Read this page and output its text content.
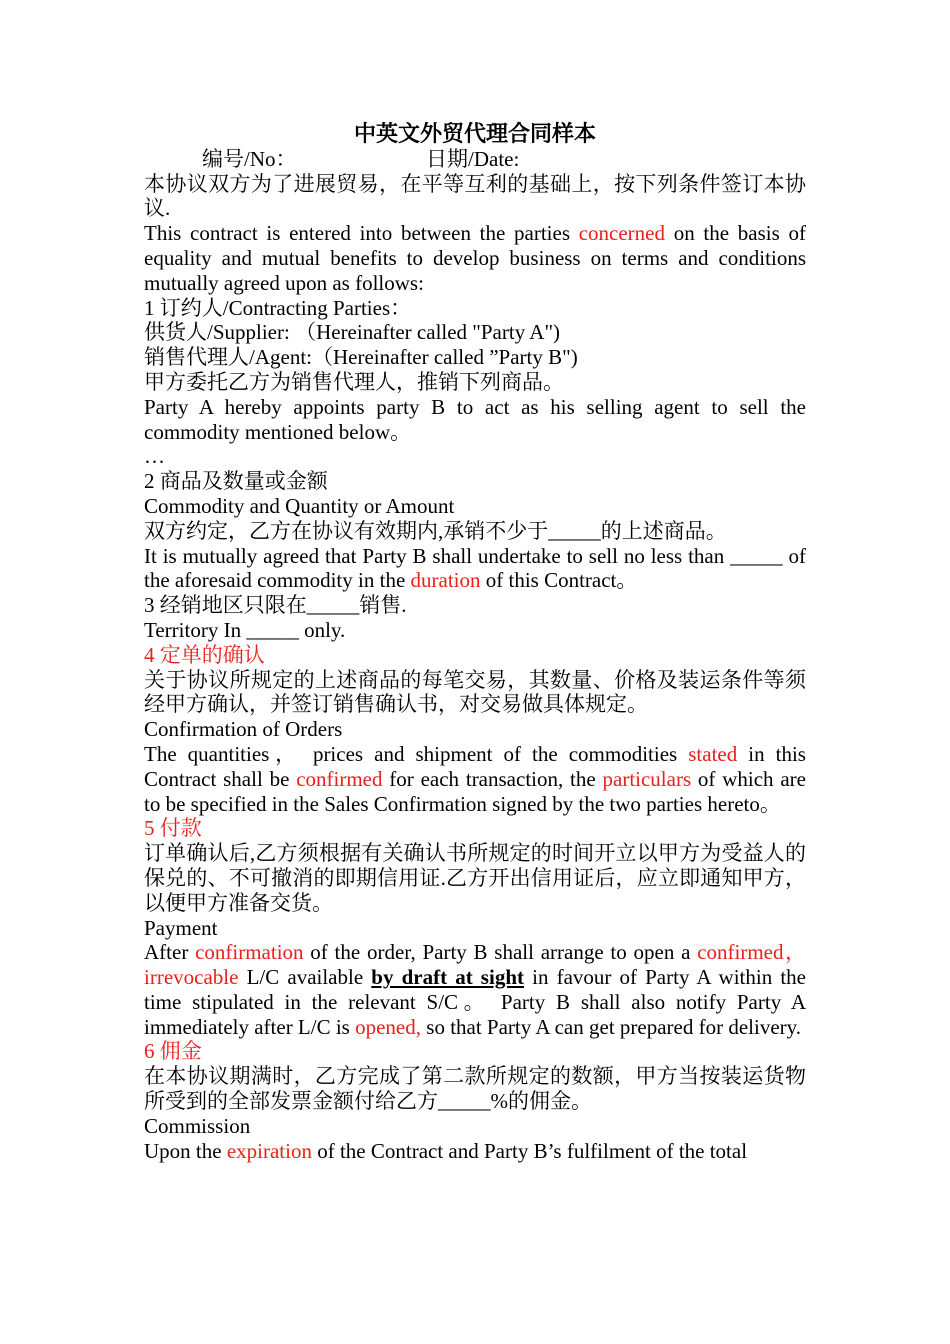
中英文外贸代理合同样本
编号/No：	日期/Date:

本协议双方为了进展贸易，在平等互利的基础上，按下列条件签订本协议.

This contract is entered into between the parties concerned on the basis of equality and mutual benefits to develop business on terms and conditions mutually agreed upon as follows:

1 订约人/Contracting Parties：

供货人/Supplier: （Hereinafter called "Party A")

销售代理人/Agent:（Hereinafter called ”Party B")

甲方委托乙方为销售代理人，推销下列商品。

Party A hereby appoints party B to act as his selling agent to sell the commodity mentioned below。

…

2 商品及数量或金额

Commodity and Quantity or Amount

双方约定，乙方在协议有效期内,承销不少于_____的上述商品。

It is mutually agreed that Party B shall undertake to sell no less than _____ of the aforesaid commodity in the duration of this Contract。

3 经销地区只限在_____销售.

Territory In _____ only.

4 定单的确认

关于协议所规定的上述商品的每笔交易，其数量、价格及装运条件等须经甲方确认，并签订销售确认书，对交易做具体规定。

Confirmation of Orders

The quantities， prices and shipment of the commodities stated in this Contract shall be confirmed for each transaction, the particulars of which are to be specified in the Sales Confirmation signed by the two parties hereto。

5 付款

订单确认后,乙方须根据有关确认书所规定的时间开立以甲方为受益人的保兑的、不可撤消的即期信用证.乙方开出信用证后，应立即通知甲方，以便甲方准备交货。

Payment

After confirmation of the order, Party B shall arrange to open a confirmed， irrevocable L/C available by draft at sight in favour of Party A within the time stipulated in the relevant S/C。 Party B shall also notify Party A immediately after L/C is opened, so that Party A can get prepared for delivery.

6 佣金

在本协议期满时，乙方完成了第二款所规定的数额，甲方当按装运货物所受到的全部发票金额付给乙方_____%的佣金。

Commission

Upon the expiration of the Contract and Party B’s fulfilment of the total
